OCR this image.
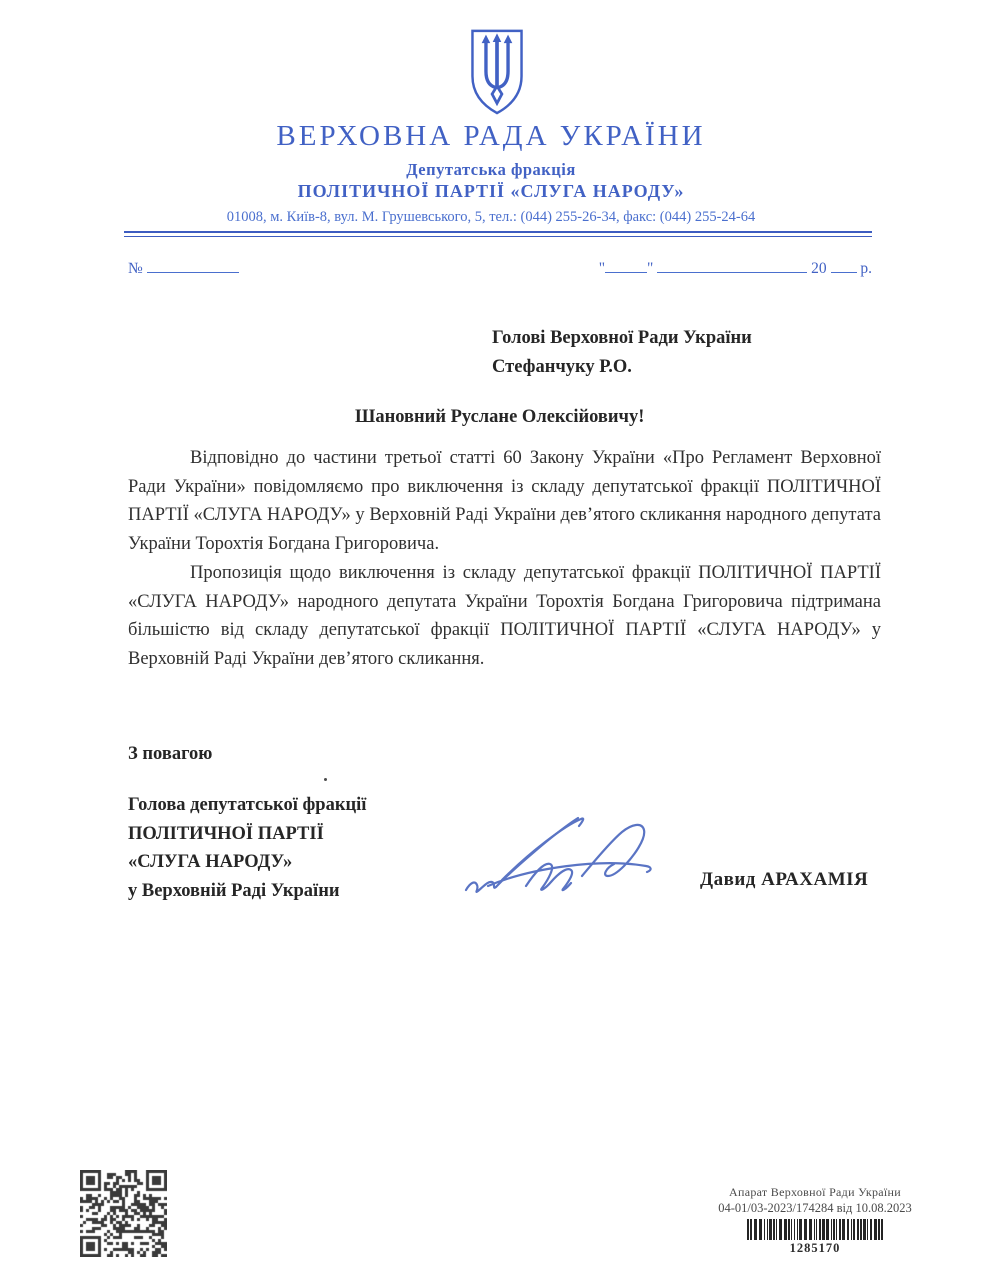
ВЕРХОВНА РАДА УКРАЇНИ
Депутатська фракція
ПОЛІТИЧНОЇ ПАРТІЇ «СЛУГА НАРОДУ»
01008, м. Київ-8, вул. М. Грушевського, 5, тел.: (044) 255-26-34, факс: (044) 255-24-64
№	"	"	20 р.
Голові Верховної Ради України
Стефанчуку Р.О.
Шановний Руслане Олексійовичу!

Відповідно до частини третьої статті 60 Закону України «Про Регламент Верховної Ради України» повідомляємо про виключення із складу депутатської фракції ПОЛІТИЧНОЇ ПАРТІЇ «СЛУГА НАРОДУ» у Верховній Раді України дев’ятого скликання народного депутата України Торохтія Богдана Григоровича.

Пропозиція щодо виключення із складу депутатської фракції ПОЛІТИЧНОЇ ПАРТІЇ «СЛУГА НАРОДУ» народного депутата України Торохтія Богдана Григоровича підтримана більшістю від складу депутатської фракції ПОЛІТИЧНОЇ ПАРТІЇ «СЛУГА НАРОДУ» у Верховній Раді України дев’ятого скликання.

З повагою
Голова депутатської фракції
ПОЛІТИЧНОЇ ПАРТІЇ
«СЛУГА НАРОДУ»
у Верховній Раді України
Давид АРАХАМІЯ
Апарат Верховної Ради України
04-01/03-2023/174284 від 10.08.2023
1285170
